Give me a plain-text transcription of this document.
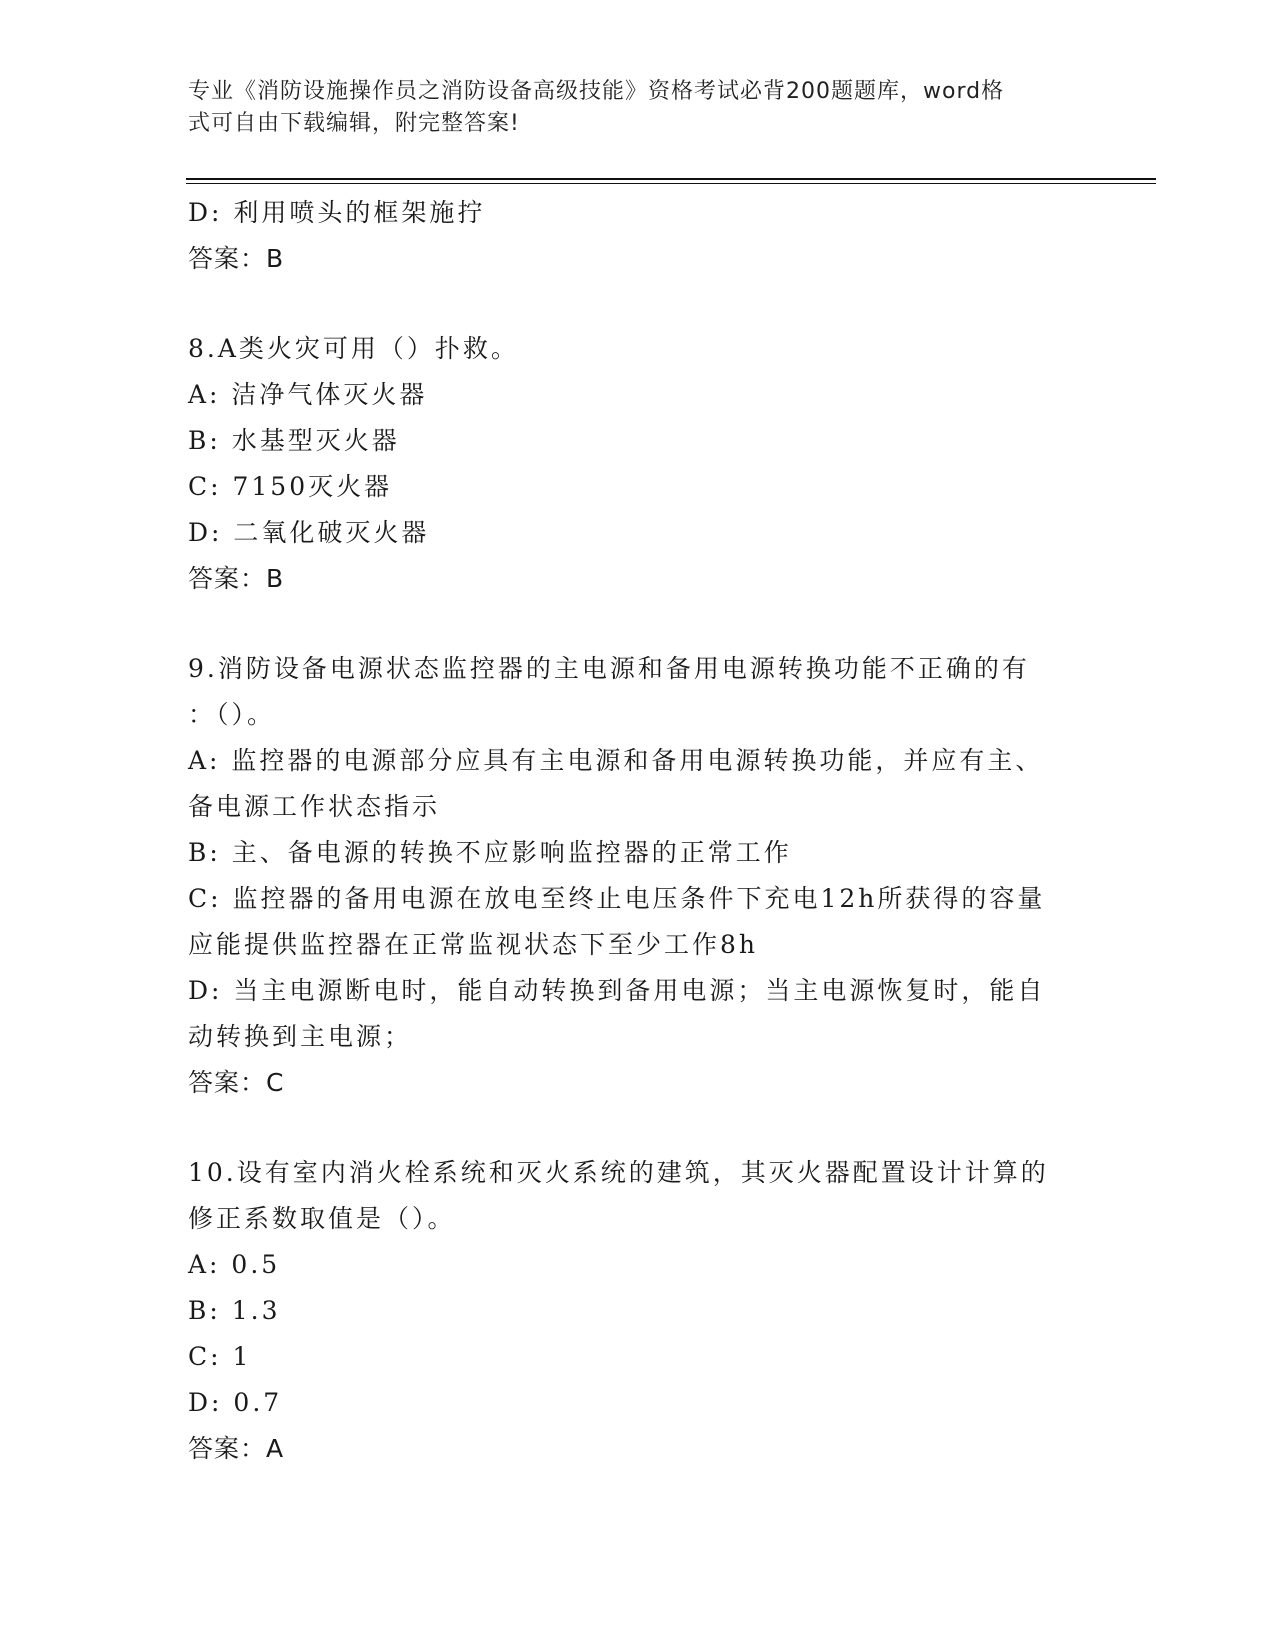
专业《消防设施操作员之消防设备高级技能》资格考试必背200题题库，word格
式可自由下载编辑，附完整答案!
D: 利用喷头的框架施拧
答案：B
8.A类火灾可用（）扑救。
A: 洁净气体灭火器
B: 水基型灭火器
C: 7150灭火器
D: 二氧化破灭火器
答案：B
9.消防设备电源状态监控器的主电源和备用电源转换功能不正确的有
：（）。
A: 监控器的电源部分应具有主电源和备用电源转换功能，并应有主、
备电源工作状态指示
B: 主、备电源的转换不应影响监控器的正常工作
C: 监控器的备用电源在放电至终止电压条件下充电12h所获得的容量
应能提供监控器在正常监视状态下至少工作8h
D: 当主电源断电时，能自动转换到备用电源；当主电源恢复时，能自
动转换到主电源；
答案：C
10.设有室内消火栓系统和灭火系统的建筑，其灭火器配置设计计算的
修正系数取值是（）。
A: 0.5
B: 1.3
C: 1
D: 0.7
答案：A
